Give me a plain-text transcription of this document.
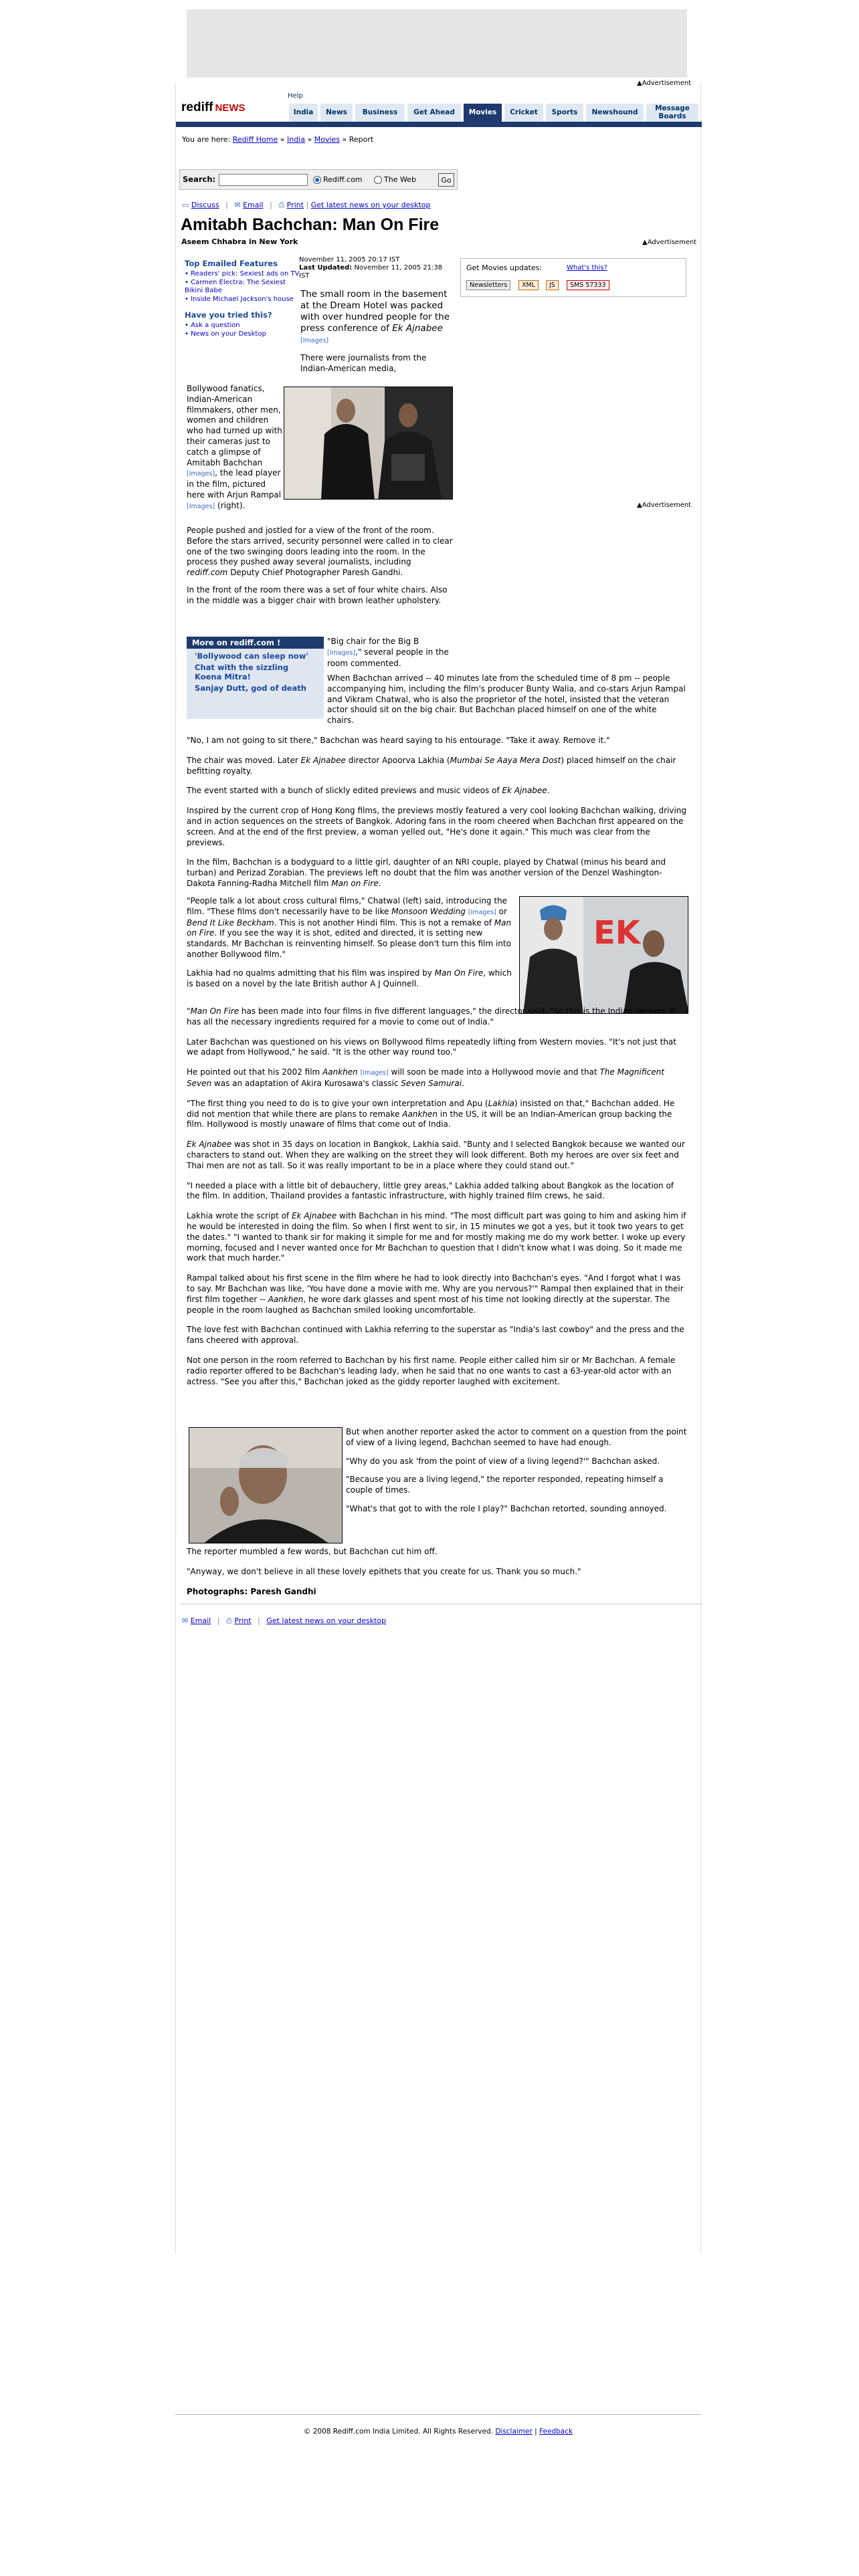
▲Advertisement
Help
rediff NEWS	India	News	Business	Get Ahead	Movies	Cricket	Sports	Newshound	Message Boards
You are here: Rediff Home » India » Movies » Report
Search:	Rediff.com	The Web	Go
▭ Discuss | ✉ Email | ⎙ Print | Get latest news on your desktop
Amitabh Bachchan: Man On Fire
Aseem Chhabra in New York	▲Advertisement
Top Emailed Features
• Readers' pick: Sexiest ads on TV
• Carmen Electra: The Sexiest Bikini Babe
• Inside Michael Jackson's house
Have you tried this?
• Ask a question
• News on your Desktop
November 11, 2005 20:17 IST
Last Updated: November 11, 2005 21:38 IST
Get Movies updates:	What's this?
Newsletters	XML	JS	SMS 57333

The small room in the basement at the Dream Hotel was packed with over hundred people for the press conference of Ek Ajnabee [Images]

There were journalists from the Indian-American media,

Bollywood fanatics, Indian-American filmmakers, other men, women and children who had turned up with their cameras just to catch a glimpse of Amitabh Bachchan [Images], the lead player in the film, pictured here with Arjun Rampal [Images] (right).

People pushed and jostled for a view of the front of the room. Before the stars arrived, security personnel were called in to clear one of the two swinging doors leading into the room. In the process they pushed away several journalists, including rediff.com Deputy Chief Photographer Paresh Gandhi.

In the front of the room there was a set of four white chairs. Also in the middle was a bigger chair with brown leather upholstery.

▲Advertisement
More on rediff.com !
'Bollywood can sleep now'
Chat with the sizzling Koena Mitra!
Sanjay Dutt, god of death

"Big chair for the Big B [Images]," several people in the room commented.

When Bachchan arrived -- 40 minutes late from the scheduled time of 8 pm -- people accompanying him, including the film's producer Bunty Walia, and co-stars Arjun Rampal and Vikram Chatwal, who is also the proprietor of the hotel, insisted that the veteran actor should sit on the big chair. But Bachchan placed himself on one of the white chairs.

"No, I am not going to sit there," Bachchan was heard saying to his entourage. "Take it away. Remove it."

The chair was moved. Later Ek Ajnabee director Apoorva Lakhia (Mumbai Se Aaya Mera Dost) placed himself on the chair befitting royalty.

The event started with a bunch of slickly edited previews and music videos of Ek Ajnabee.

Inspired by the current crop of Hong Kong films, the previews mostly featured a very cool looking Bachchan walking, driving and in action sequences on the streets of Bangkok. Adoring fans in the room cheered when Bachchan first appeared on the screen. And at the end of the first preview, a woman yelled out, "He's done it again." This much was clear from the previews.

In the film, Bachchan is a bodyguard to a little girl, daughter of an NRI couple, played by Chatwal (minus his beard and turban) and Perizad Zorabian. The previews left no doubt that the film was another version of the Denzel Washington-Dakota Fanning-Radha Mitchell film Man on Fire.

"People talk a lot about cross cultural films," Chatwal (left) said, introducing the film. "These films don't necessarily have to be like Monsoon Wedding [Images] or Bend It Like Beckham. This is not another Hindi film. This is not a remake of Man on Fire. If you see the way it is shot, edited and directed, it is setting new standards. Mr Bachchan is reinventing himself. So please don't turn this film into another Bollywood film."

Lakhia had no qualms admitting that his film was inspired by Man On Fire, which is based on a novel by the late British author A J Quinnell.

EK

"Man On Fire has been made into four films in five different languages," the director said. "So this is the Indian version. It has all the necessary ingredients required for a movie to come out of India."

Later Bachchan was questioned on his views on Bollywood films repeatedly lifting from Western movies. "It's not just that we adapt from Hollywood," he said. "It is the other way round too."

He pointed out that his 2002 film Aankhen [Images] will soon be made into a Hollywood movie and that The Magnificent Seven was an adaptation of Akira Kurosawa's classic Seven Samurai.

"The first thing you need to do is to give your own interpretation and Apu (Lakhia) insisted on that," Bachchan added. He did not mention that while there are plans to remake Aankhen in the US, it will be an Indian-American group backing the film. Hollywood is mostly unaware of films that come out of India.

Ek Ajnabee was shot in 35 days on location in Bangkok, Lakhia said. "Bunty and I selected Bangkok because we wanted our characters to stand out. When they are walking on the street they will look different. Both my heroes are over six feet and Thai men are not as tall. So it was really important to be in a place where they could stand out."

"I needed a place with a little bit of debauchery, little grey areas," Lakhia added talking about Bangkok as the location of the film. In addition, Thailand provides a fantastic infrastructure, with highly trained film crews, he said.

Lakhia wrote the script of Ek Ajnabee with Bachchan in his mind. "The most difficult part was going to him and asking him if he would be interested in doing the film. So when I first went to sir, in 15 minutes we got a yes, but it took two years to get the dates." "I wanted to thank sir for making it simple for me and for mostly making me do my work better. I woke up every morning, focused and I never wanted once for Mr Bachchan to question that I didn't know what I was doing. So it made me work that much harder."

Rampal talked about his first scene in the film where he had to look directly into Bachchan's eyes. "And I forgot what I was to say. Mr Bachchan was like, 'You have done a movie with me. Why are you nervous?'" Rampal then explained that in their first film together -- Aankhen, he wore dark glasses and spent most of his time not looking directly at the superstar. The people in the room laughed as Bachchan smiled looking uncomfortable.

The love fest with Bachchan continued with Lakhia referring to the superstar as "India's last cowboy" and the press and the fans cheered with approval.

Not one person in the room referred to Bachchan by his first name. People either called him sir or Mr Bachchan. A female radio reporter offered to be Bachchan's leading lady, when he said that no one wants to cast a 63-year-old actor with an actress. "See you after this," Bachchan joked as the giddy reporter laughed with excitement.

But when another reporter asked the actor to comment on a question from the point of view of a living legend, Bachchan seemed to have had enough.

"Why do you ask 'from the point of view of a living legend?'" Bachchan asked.

"Because you are a living legend," the reporter responded, repeating himself a couple of times.

"What's that got to with the role I play?" Bachchan retorted, sounding annoyed.

The reporter mumbled a few words, but Bachchan cut him off.

"Anyway, we don't believe in all these lovely epithets that you create for us. Thank you so much."

Photographs: Paresh Gandhi

✉ Email | ⎙ Print | Get latest news on your desktop
© 2008 Rediff.com India Limited. All Rights Reserved. Disclaimer | Feedback
